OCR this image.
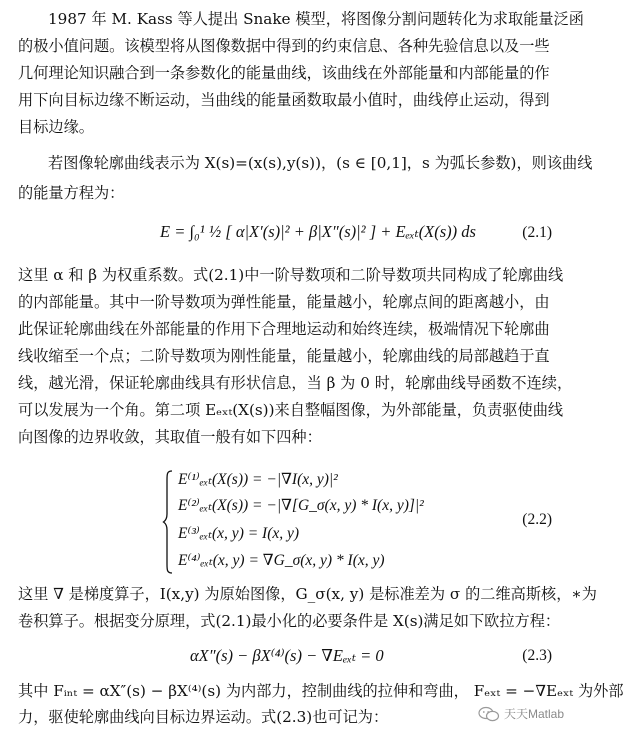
1987 年 M. Kass 等人提出 Snake 模型，将图像分割问题转化为求取能量泛函
的极小值问题。该模型将从图像数据中得到的约束信息、各种先验信息以及一些
几何理论知识融合到一条参数化的能量曲线，该曲线在外部能量和内部能量的作
用下向目标边缘不断运动，当曲线的能量函数取最小值时，曲线停止运动，得到
目标边缘。
若图像轮廓曲线表示为 X(s)=(x(s),y(s))，(s ∈ [0,1]，s 为弧长参数)，则该曲线
的能量方程为：
E = ∫₀¹ ½ [ α|X′(s)|² + β|X″(s)|² ] + Eₑₓₜ(X(s)) ds	(2.1)
这里 α 和 β 为权重系数。式(2.1)中一阶导数项和二阶导数项共同构成了轮廓曲线
的内部能量。其中一阶导数项为弹性能量，能量越小，轮廓点间的距离越小，由
此保证轮廓曲线在外部能量的作用下合理地运动和始终连续，极端情况下轮廓曲
线收缩至一个点；二阶导数项为刚性能量，能量越小，轮廓曲线的局部越趋于直
线，越光滑，保证轮廓曲线具有形状信息，当 β 为 0 时，轮廓曲线导函数不连续，
可以发展为一个角。第二项 Eₑₓₜ(X(s))来自整幅图像，为外部能量，负责驱使曲线
向图像的边界收敛，其取值一般有如下四种：
E⁽¹⁾ₑₓₜ(X(s)) = −|∇I(x, y)|²
E⁽²⁾ₑₓₜ(X(s)) = −|∇[G_σ(x, y) * I(x, y)]|²
E⁽³⁾ₑₓₜ(x, y) = I(x, y)
E⁽⁴⁾ₑₓₜ(x, y) = ∇G_σ(x, y) * I(x, y)
(2.2)
这里 ∇ 是梯度算子，I(x,y) 为原始图像，G_σ(x, y) 是标准差为 σ 的二维高斯核，∗为
卷积算子。根据变分原理，式(2.1)最小化的必要条件是 X(s)满足如下欧拉方程：
αX″(s) − βX⁽⁴⁾(s) − ∇Eₑₓₜ = 0	(2.3)
其中 Fᵢₙₜ = αX″(s) − βX⁽⁴⁾(s) 为内部力，控制曲线的拉伸和弯曲， Fₑₓₜ = −∇Eₑₓₜ 为外部
力，驱使轮廓曲线向目标边界运动。式(2.3)也可记为：	天天Matlab
